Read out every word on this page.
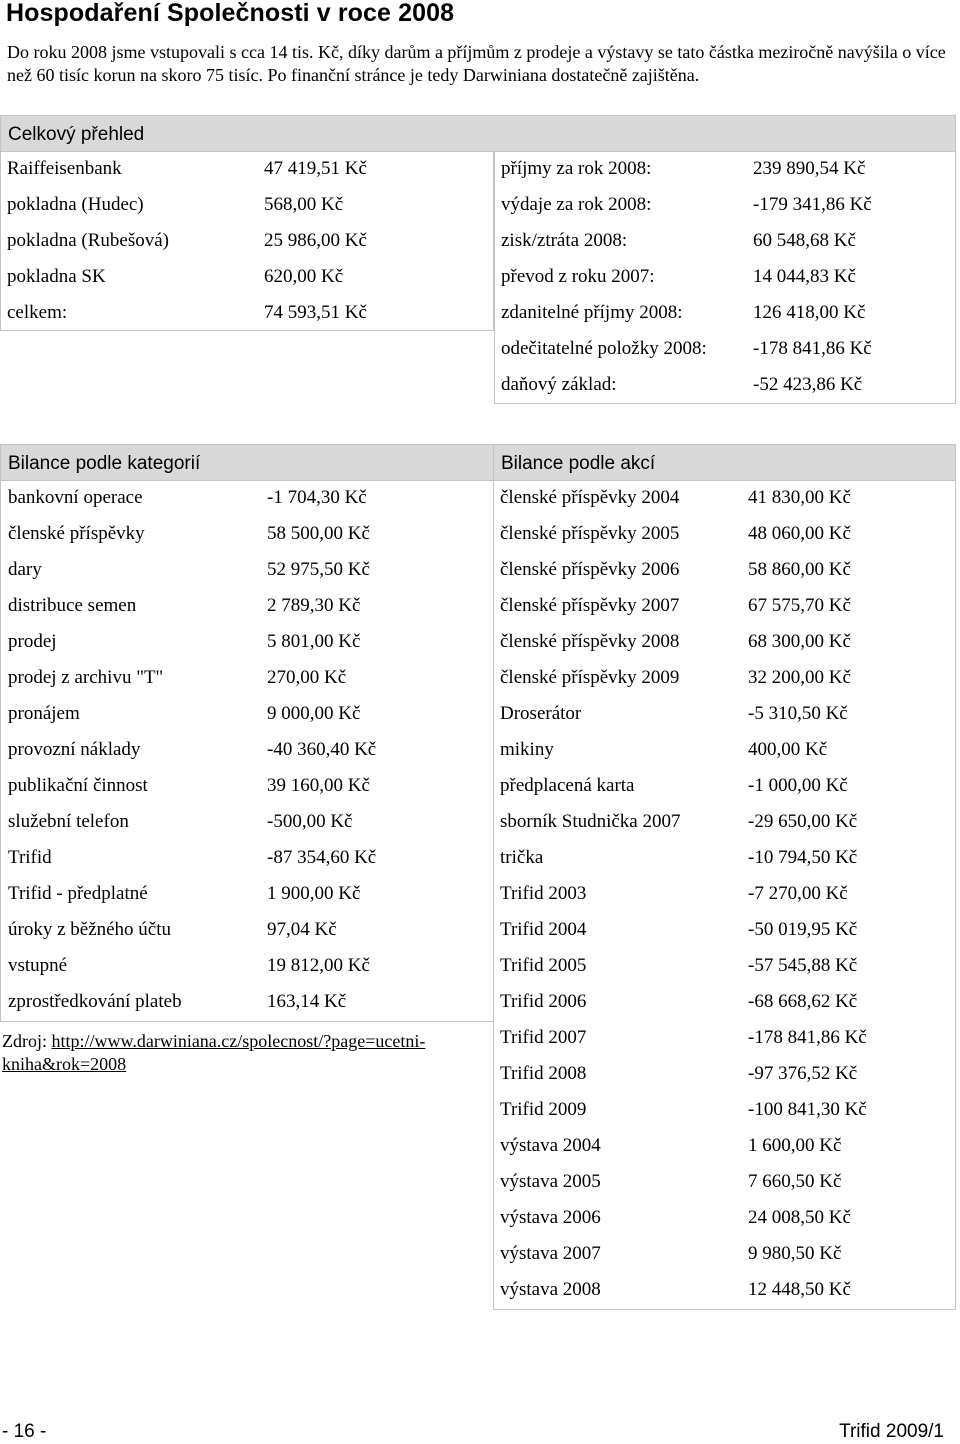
Hospodaření Společnosti v roce 2008

Do roku 2008 jsme vstupovali s cca 14 tis. Kč, díky darům a příjmům z prodeje a výstavy se tato částka meziročně navýšila o více než 60 tisíc korun na skoro 75 tisíc. Po finanční stránce je tedy Darwiniana dostatečně zajištěna.

Celkový přehled
Raiffeisenbank	47 419,51 Kč
pokladna (Hudec)	568,00 Kč
pokladna (Rubešová)	25 986,00 Kč
pokladna SK	620,00 Kč
celkem:	74 593,51 Kč
příjmy za rok 2008:	239 890,54 Kč
výdaje za rok 2008:	-179 341,86 Kč
zisk/ztráta 2008:	60 548,68 Kč
převod z roku 2007:	14 044,83 Kč
zdanitelné příjmy 2008:	126 418,00 Kč
odečitatelné položky 2008: -178 841,86 Kč
daňový základ:	-52 423,86 Kč
Bilance podle kategorií
bankovní operace	-1 704,30 Kč
členské příspěvky	58 500,00 Kč
dary	52 975,50 Kč
distribuce semen	2 789,30 Kč
prodej	5 801,00 Kč
prodej z archivu "T"	270,00 Kč
pronájem	9 000,00 Kč
provozní náklady	-40 360,40 Kč
publikační činnost	39 160,00 Kč
služební telefon	-500,00 Kč
Trifid	-87 354,60 Kč
Trifid - předplatné	1 900,00 Kč
úroky z běžného účtu	97,04 Kč
vstupné	19 812,00 Kč
zprostředkování plateb	163,14 Kč
Bilance podle akcí
členské příspěvky 2004	41 830,00 Kč
členské příspěvky 2005	48 060,00 Kč
členské příspěvky 2006	58 860,00 Kč
členské příspěvky 2007	67 575,70 Kč
členské příspěvky 2008	68 300,00 Kč
členské příspěvky 2009	32 200,00 Kč
Droserátor	-5 310,50 Kč
mikiny	400,00 Kč
předplacená karta	-1 000,00 Kč
sborník Studnička 2007	-29 650,00 Kč
trička	-10 794,50 Kč
Trifid 2003	-7 270,00 Kč
Trifid 2004	-50 019,95 Kč
Trifid 2005	-57 545,88 Kč
Trifid 2006	-68 668,62 Kč
Trifid 2007	-178 841,86 Kč
Trifid 2008	-97 376,52 Kč
Trifid 2009	-100 841,30 Kč
výstava 2004	1 600,00 Kč
výstava 2005	7 660,50 Kč
výstava 2006	24 008,50 Kč
výstava 2007	9 980,50 Kč
výstava 2008	12 448,50 Kč
Zdroj: http://www.darwiniana.cz/spolecnost/?page=ucetni-kniha&rok=2008
- 16 -	Trifid 2009/1
